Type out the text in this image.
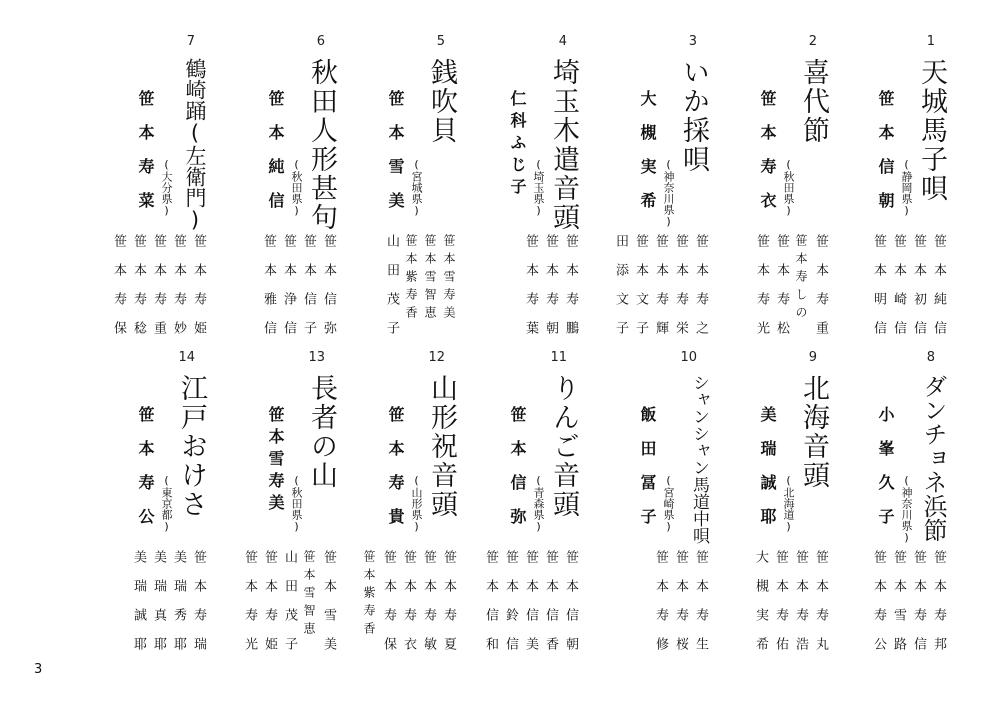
1
天城馬子唄
(静岡県)
笹本信朝
笹本純信
笹本初信
笹本崎信
笹本明信
2
喜代節
(秋田県)
笹本寿衣
笹本寿重
笹本寿しの
笹本寿松
笹本寿光
3
いか採唄
(神奈川県)
大槻実希
笹本寿之
笹本寿栄
笹本寿輝
笹本文子
田添文子
4
埼玉木遣音頭
(埼玉県)
仁科ふじ子
笹本寿鵬
笹本寿朝
笹本寿葉
5
銭吹貝
(宮城県)
笹本雪美
笹本雪寿美
笹本雪智恵
笹本紫寿香
山田茂子
6
秋田人形甚句
(秋田県)
笹本純信
笹本信弥
笹本信子
笹本浄信
笹本雅信
7
鶴崎踊(左衛門)
(大分県)
笹本寿菜
笹本寿姫
笹本寿妙
笹本寿重
笹本寿稔
笹本寿保
8
ダンチョネ浜節
(神奈川県)
小峯久子
笹本寿邦
笹本寿信
笹本雪路
笹本寿公
9
北海音頭
(北海道)
美瑞誠耶
笹本寿丸
笹本寿浩
笹本寿佑
大槻実希
10
シャンシャン馬道中唄
(宮崎県)
飯田冨子
笹本寿生
笹本寿桜
笹本寿修
11
りんご音頭
(青森県)
笹本信弥
笹本信朝
笹本信香
笹本信美
笹本鈴信
笹本信和
12
山形祝音頭
(山形県)
笹本寿貴
笹本寿夏
笹本寿敏
笹本寿衣
笹本寿保
笹本紫寿香
13
長者の山
(秋田県)
笹本雪寿美
笹本雪美
笹本雪智恵
山田茂子
笹本寿姫
笹本寿光
14
江戸おけさ
(東京都)
笹本寿公
笹本寿瑞
美瑞秀耶
美瑞真耶
美瑞誠耶
3
